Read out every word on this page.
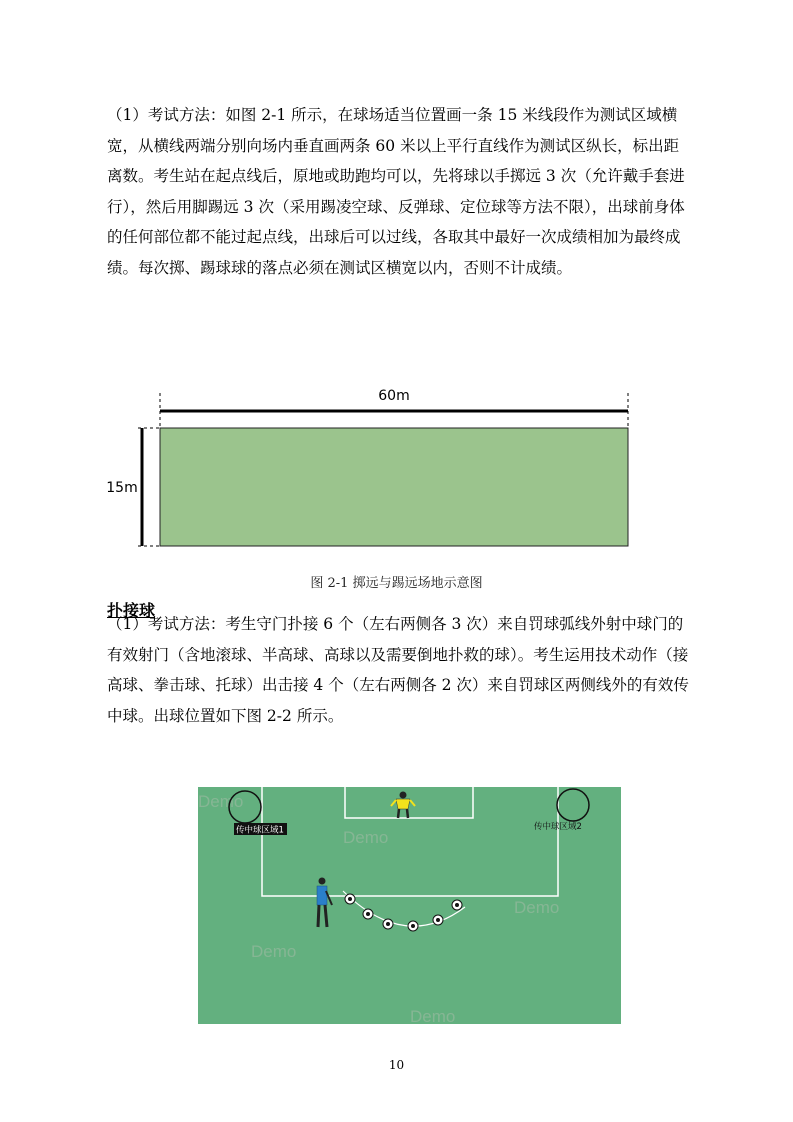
（1）考试方法：如图 2-1 所示，在球场适当位置画一条 15 米线段作为测试区域横宽，从横线两端分别向场内垂直画两条 60 米以上平行直线作为测试区纵长，标出距离数。考生站在起点线后，原地或助跑均可以，先将球以手掷远 3 次（允许戴手套进行），然后用脚踢远 3 次（采用踢凌空球、反弹球、定位球等方法不限），出球前身体的任何部位都不能过起点线，出球后可以过线，各取其中最好一次成绩相加为最终成绩。每次掷、踢球球的落点必须在测试区横宽以内，否则不计成绩。

60m
15m
图 2-1 掷远与踢远场地示意图

扑接球

（1）考试方法：考生守门扑接 6 个（左右两侧各 3 次）来自罚球弧线外射中球门的有效射门（含地滚球、半高球、高球以及需要倒地扑救的球）。考生运用技术动作（接高球、拳击球、托球）出击接 4 个（左右两侧各 2 次）来自罚球区两侧线外的有效传中球。出球位置如下图 2-2 所示。

Demo
Demo
Demo
Demo
Demo
传中球区域1	传中球区域2
10
